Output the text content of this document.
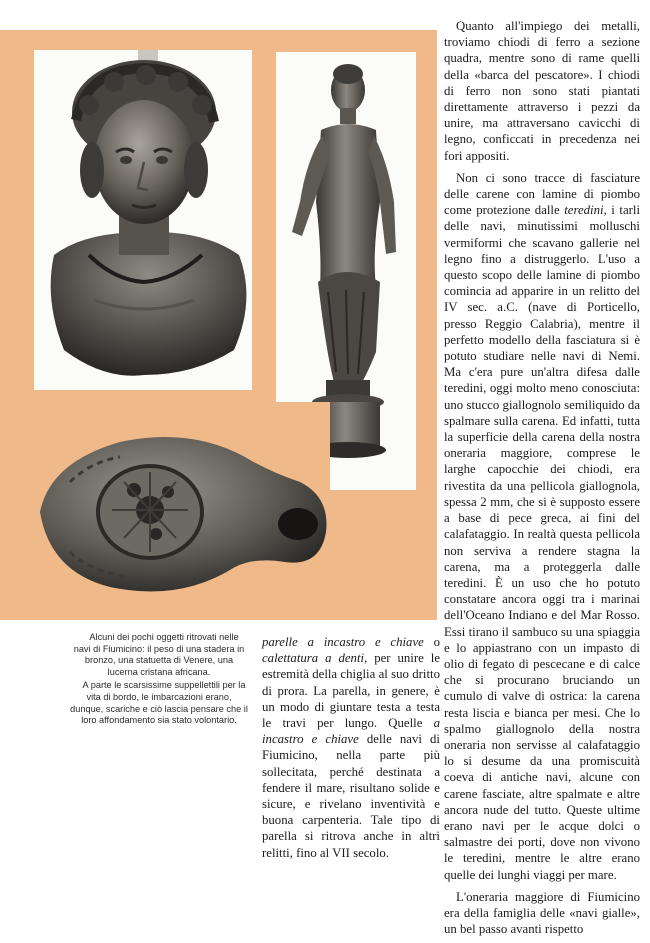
Alcuni dei pochi oggetti ritrovati nelle navi di Fiumicino: il peso di una stadera in bronzo, una statuetta di Venere, una lucerna cristana africana.

A parte le scarsissime suppellettili per la vita di bordo, le imbarcazioni erano, dunque, scariche e ciò lascia pensare che il loro affondamento sia stato volontario.

parelle a incastro e chiave o calettatura a denti, per unire le estremità della chiglia al suo dritto di prora. La parella, in genere, è un modo di giuntare testa a testa le travi per lungo. Quelle a incastro e chiave delle navi di Fiumicino, nella parte più sollecitata, perché destinata a fendere il mare, risultano solide e sicure, e rivelano inventività e buona carpenteria. Tale tipo di parella si ritrova anche in altri relitti, fino al VII secolo.

Quanto all'impiego dei metalli, troviamo chiodi di ferro a sezione quadra, mentre sono di rame quelli della «barca del pescatore». I chiodi di ferro non sono stati piantati direttamente attraverso i pezzi da unire, ma attraversano cavicchi di legno, conficcati in precedenza nei fori appositi.

Non ci sono tracce di fasciature delle carene con lamine di piombo come protezione dalle teredini, i tarli delle navi, minutissimi molluschi vermiformi che scavano gallerie nel legno fino a distruggerlo. L'uso a questo scopo delle lamine di piombo comincia ad apparire in un relitto del IV sec. a.C. (nave di Porticello, presso Reggio Calabria), mentre il perfetto modello della fasciatura si è potuto studiare nelle navi di Nemi. Ma c'era pure un'altra difesa dalle teredini, oggi molto meno conosciuta: uno stucco giallognolo semiliquido da spalmare sulla carena. Ed infatti, tutta la superficie della carena della nostra oneraria maggiore, comprese le larghe capocchie dei chiodi, era rivestita da una pellicola giallognola, spessa 2 mm, che si è supposto essere a base di pece greca, ai fini del calafataggio. In realtà questa pellicola non serviva a rendere stagna la carena, ma a proteggerla dalle teredini. È un uso che ho potuto constatare ancora oggi tra i marinai dell'Oceano Indiano e del Mar Rosso. Essi tirano il sambuco su una spiaggia e lo appiastrano con un impasto di olio di fegato di pescecane e di calce che si procurano bruciando un cumulo di valve di ostrica: la carena resta liscia e bianca per mesi. Che lo spalmo giallognolo della nostra oneraria non servisse al calafataggio lo si desume da una promiscuità coeva di antiche navi, alcune con carene fasciate, altre spalmate e altre ancora nude del tutto. Queste ultime erano navi per le acque dolci o salmastre dei porti, dove non vivono le teredini, mentre le altre erano quelle dei lunghi viaggi per mare.

L'oneraria maggiore di Fiumicino era della famiglia delle «navi gialle», un bel passo avanti rispetto
